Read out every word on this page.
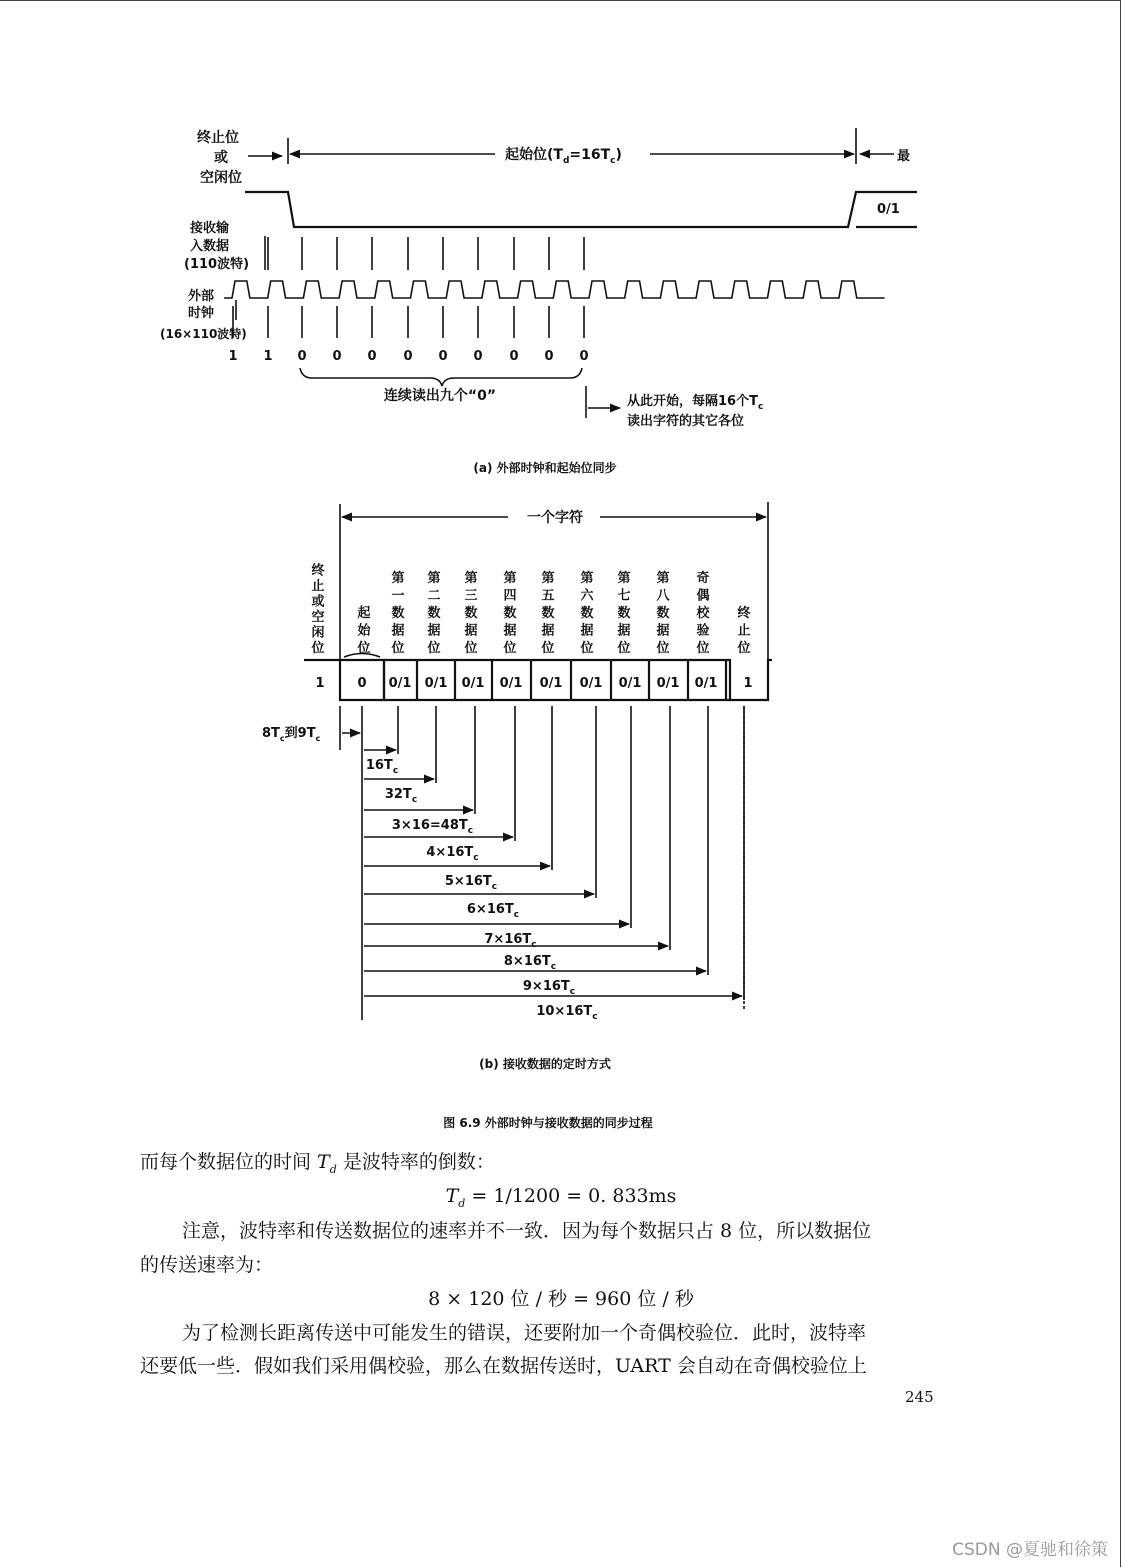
终止位
或
空闲位
起始位$(T_d=16T_c)$	最
0/1
接收输
入数据
(110波特)
外部
时钟
(16×110波特)
1 1 0 0 0 0 0 0 0 0 0
连续读出九个“0”	从此开始，每隔16个$T_c$
读出字符的其它各位
(a) 外部时钟和起始位同步
一个字符
终止或空闲位
起始位
第一数据位
第二数据位
第三数据位
第四数据位
第五数据位
第六数据位
第七数据位
第八数据位
奇偶校验位
终止位
1	0 0/1 0/1 0/1 0/1 0/1 0/1 0/1 0/1 0/1 1
$8T_c$到$9T_c$
$16T_c$
$32T_c$
$3\times 16=48T_c$
$4\times 16T_c$
$5\times 16T_c$
$6\times 16T_c$
$7\times 16T_c$
$8\times 16T_c$
$9\times 16T_c$
$10\times 16T_c$
(b) 接收数据的定时方式
图 6.9 外部时钟与接收数据的同步过程
而每个数据位的时间 $T_d$ 是波特率的倒数：
$T_d = 1/1200 = 0$. 833ms
注意，波特率和传送数据位的速率并不一致．因为每个数据只占 8 位，所以数据位
的传送速率为：
8 × 120 位 / 秒 = 960 位 / 秒
为了检测长距离传送中可能发生的错误，还要附加一个奇偶校验位．此时，波特率
还要低一些．假如我们采用偶校验，那么在数据传送时，UART 会自动在奇偶校验位上
245
CSDN @夏驰和徐策
